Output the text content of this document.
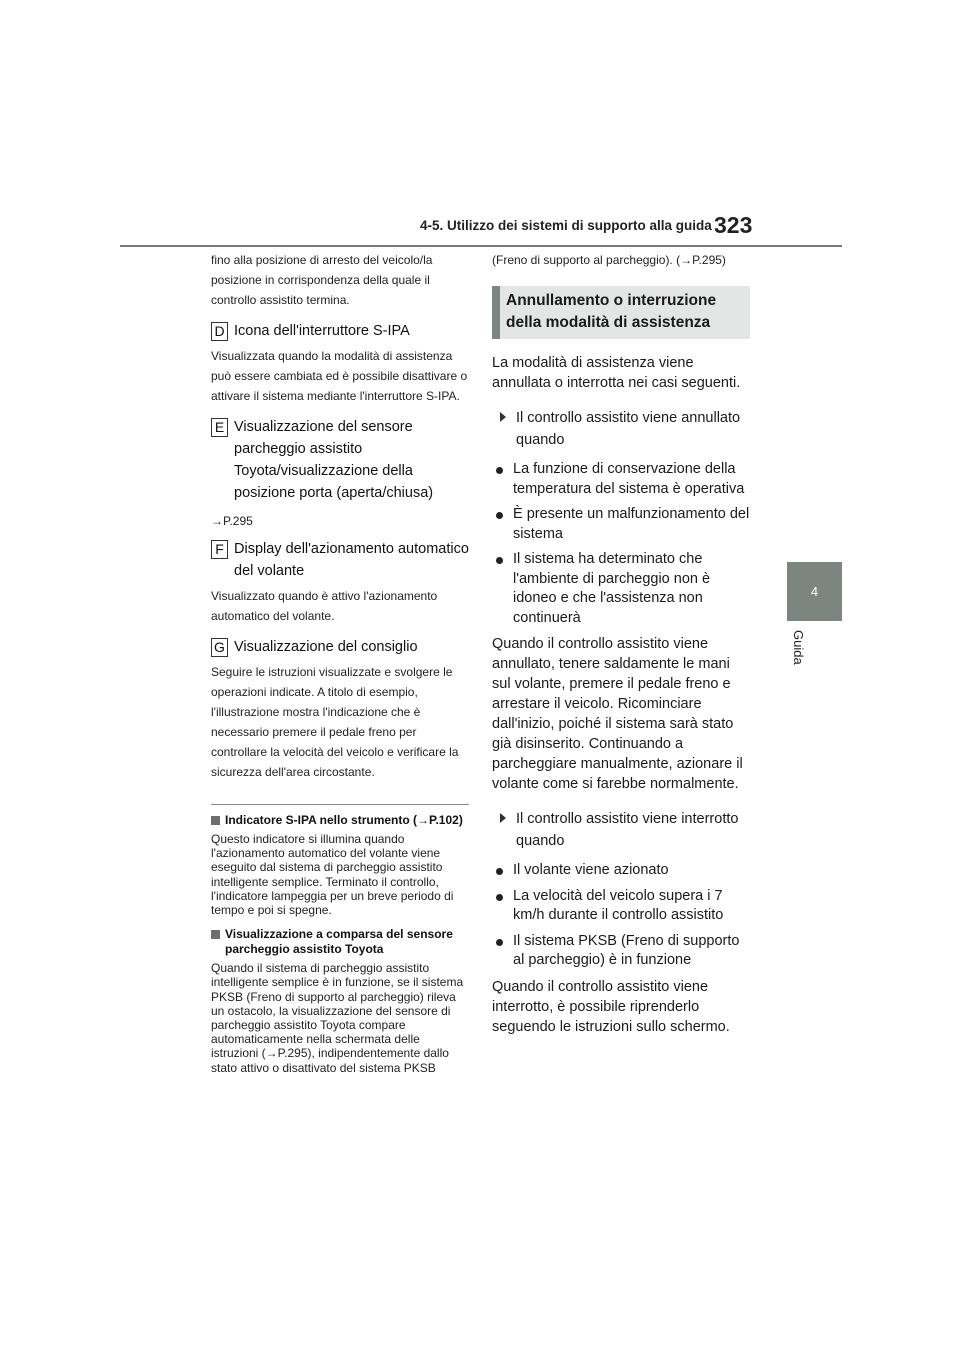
4-5. Utilizzo dei sistemi di supporto alla guida 323
4
Guida

fino alla posizione di arresto del veicolo/la posizione in corrispondenza della quale il controllo assistito termina.

D Icona dell'interruttore S-IPA

Visualizzata quando la modalità di assistenza può essere cambiata ed è possibile disattivare o attivare il sistema mediante l'interruttore S-IPA.

E Visualizzazione del sensore parcheggio assistito Toyota/visualizzazione della posizione porta (aperta/chiusa)

→P.295

F Display dell'azionamento automatico del volante

Visualizzato quando è attivo l'azionamento automatico del volante.

G Visualizzazione del consiglio

Seguire le istruzioni visualizzate e svolgere le operazioni indicate. A titolo di esempio, l'illustrazione mostra l'indicazione che è necessario premere il pedale freno per controllare la velocità del veicolo e verificare la sicurezza dell'area circostante.

Indicatore S-IPA nello strumento (→P.102)

Questo indicatore si illumina quando l'azionamento automatico del volante viene eseguito dal sistema di parcheggio assistito intelligente semplice. Terminato il controllo, l'indicatore lampeggia per un breve periodo di tempo e poi si spegne.

Visualizzazione a comparsa del sensore parcheggio assistito Toyota

Quando il sistema di parcheggio assistito intelligente semplice è in funzione, se il sistema PKSB (Freno di supporto al parcheggio) rileva un ostacolo, la visualizzazione del sensore di parcheggio assistito Toyota compare automaticamente nella schermata delle istruzioni (→P.295), indipendentemente dallo stato attivo o disattivato del sistema PKSB

(Freno di supporto al parcheggio). (→P.295)

Annullamento o interruzione della modalità di assistenza

La modalità di assistenza viene annullata o interrotta nei casi seguenti.

Il controllo assistito viene annullato quando
La funzione di conservazione della temperatura del sistema è operativa
È presente un malfunzionamento del sistema
Il sistema ha determinato che l'ambiente di parcheggio non è idoneo e che l'assistenza non continuerà

Quando il controllo assistito viene annullato, tenere saldamente le mani sul volante, premere il pedale freno e arrestare il veicolo. Ricominciare dall'inizio, poiché il sistema sarà stato già disinserito. Continuando a parcheggiare manualmente, azionare il volante come si farebbe normalmente.

Il controllo assistito viene interrotto quando
Il volante viene azionato
La velocità del veicolo supera i 7 km/h durante il controllo assistito
Il sistema PKSB (Freno di supporto al parcheggio) è in funzione

Quando il controllo assistito viene interrotto, è possibile riprenderlo seguendo le istruzioni sullo schermo.
